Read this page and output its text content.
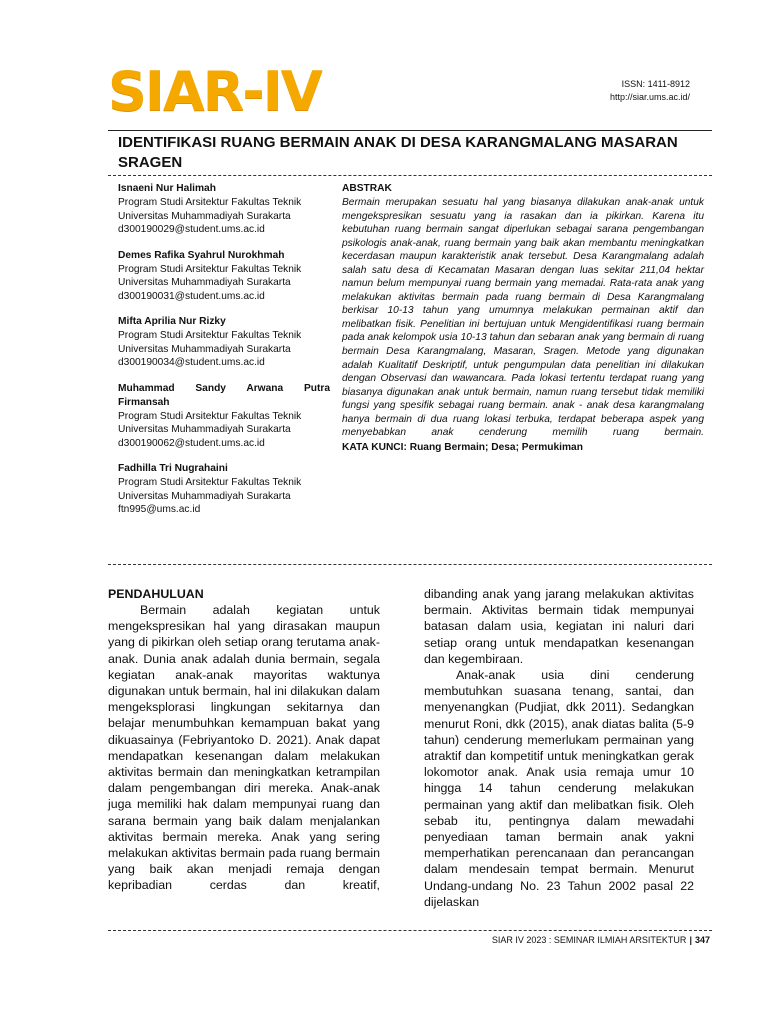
SIAR-IV	ISSN: 1411-8912
http://siar.ums.ac.id/
IDENTIFIKASI RUANG BERMAIN ANAK DI DESA KARANGMALANG MASARAN SRAGEN
Isnaeni Nur Halimah
Program Studi Arsitektur Fakultas Teknik
Universitas Muhammadiyah Surakarta
d300190029@student.ums.ac.id
Demes Rafika Syahrul Nurokhmah
Program Studi Arsitektur Fakultas Teknik
Universitas Muhammadiyah Surakarta
d300190031@student.ums.ac.id
Mifta Aprilia Nur Rizky
Program Studi Arsitektur Fakultas Teknik
Universitas Muhammadiyah Surakarta
d300190034@student.ums.ac.id
Muhammad Sandy Arwana Putra Firmansah
Program Studi Arsitektur Fakultas Teknik
Universitas Muhammadiyah Surakarta
d300190062@student.ums.ac.id
Fadhilla Tri Nugrahaini
Program Studi Arsitektur Fakultas Teknik
Universitas Muhammadiyah Surakarta
ftn995@ums.ac.id
ABSTRAK

Bermain merupakan sesuatu hal yang biasanya dilakukan anak-anak untuk mengekspresikan sesuatu yang ia rasakan dan ia pikirkan. Karena itu kebutuhan ruang bermain sangat diperlukan sebagai sarana pengembangan psikologis anak-anak, ruang bermain yang baik akan membantu meningkatkan kecerdasan maupun karakteristik anak tersebut. Desa Karangmalang adalah salah satu desa di Kecamatan Masaran dengan luas sekitar 211,04 hektar namun belum mempunyai ruang bermain yang memadai. Rata-rata anak yang melakukan aktivitas bermain pada ruang bermain di Desa Karangmalang berkisar 10-13 tahun yang umumnya melakukan permainan aktif dan melibatkan fisik. Penelitian ini bertujuan untuk Mengidentifikasi ruang bermain pada anak kelompok usia 10-13 tahun dan sebaran anak yang bermain di ruang bermain Desa Karangmalang, Masaran, Sragen. Metode yang digunakan adalah Kualitatif Deskriptif, untuk pengumpulan data penelitian ini dilakukan dengan Observasi dan wawancara. Pada lokasi tertentu terdapat ruang yang biasanya digunakan anak untuk bermain, namun ruang tersebut tidak memiliki fungsi yang spesifik sebagai ruang bermain. anak - anak desa karangmalang hanya bermain di dua ruang lokasi terbuka, terdapat beberapa aspek yang menyebabkan anak cenderung memilih ruang bermain.

KATA KUNCI: Ruang Bermain; Desa; Permukiman
PENDAHULUAN

Bermain adalah kegiatan untuk mengekspresikan hal yang dirasakan maupun yang di pikirkan oleh setiap orang terutama anak-anak. Dunia anak adalah dunia bermain, segala kegiatan anak-anak mayoritas waktunya digunakan untuk bermain, hal ini dilakukan dalam mengeksplorasi lingkungan sekitarnya dan belajar menumbuhkan kemampuan bakat yang dikuasainya (Febriyantoko D. 2021). Anak dapat mendapatkan kesenangan dalam melakukan aktivitas bermain dan meningkatkan ketrampilan dalam pengembangan diri mereka. Anak-anak juga memiliki hak dalam mempunyai ruang dan sarana bermain yang baik dalam menjalankan aktivitas bermain mereka. Anak yang sering melakukan aktivitas bermain pada ruang bermain yang baik akan menjadi remaja dengan kepribadian cerdas dan kreatif,

dibanding anak yang jarang melakukan aktivitas bermain. Aktivitas bermain tidak mempunyai batasan dalam usia, kegiatan ini naluri dari setiap orang untuk mendapatkan kesenangan dan kegembiraan.

Anak-anak usia dini cenderung membutuhkan suasana tenang, santai, dan menyenangkan (Pudjiat, dkk 2011). Sedangkan menurut Roni, dkk (2015), anak diatas balita (5-9 tahun) cenderung memerlukam permainan yang atraktif dan kompetitif untuk meningkatkan gerak lokomotor anak. Anak usia remaja umur 10 hingga 14 tahun cenderung melakukan permainan yang aktif dan melibatkan fisik. Oleh sebab itu, pentingnya dalam mewadahi penyediaan taman bermain anak yakni memperhatikan perencanaan dan perancangan dalam mendesain tempat bermain. Menurut Undang-undang No. 23 Tahun 2002 pasal 22 dijelaskan

SIAR IV 2023 : SEMINAR ILMIAH ARSITEKTUR | 347
